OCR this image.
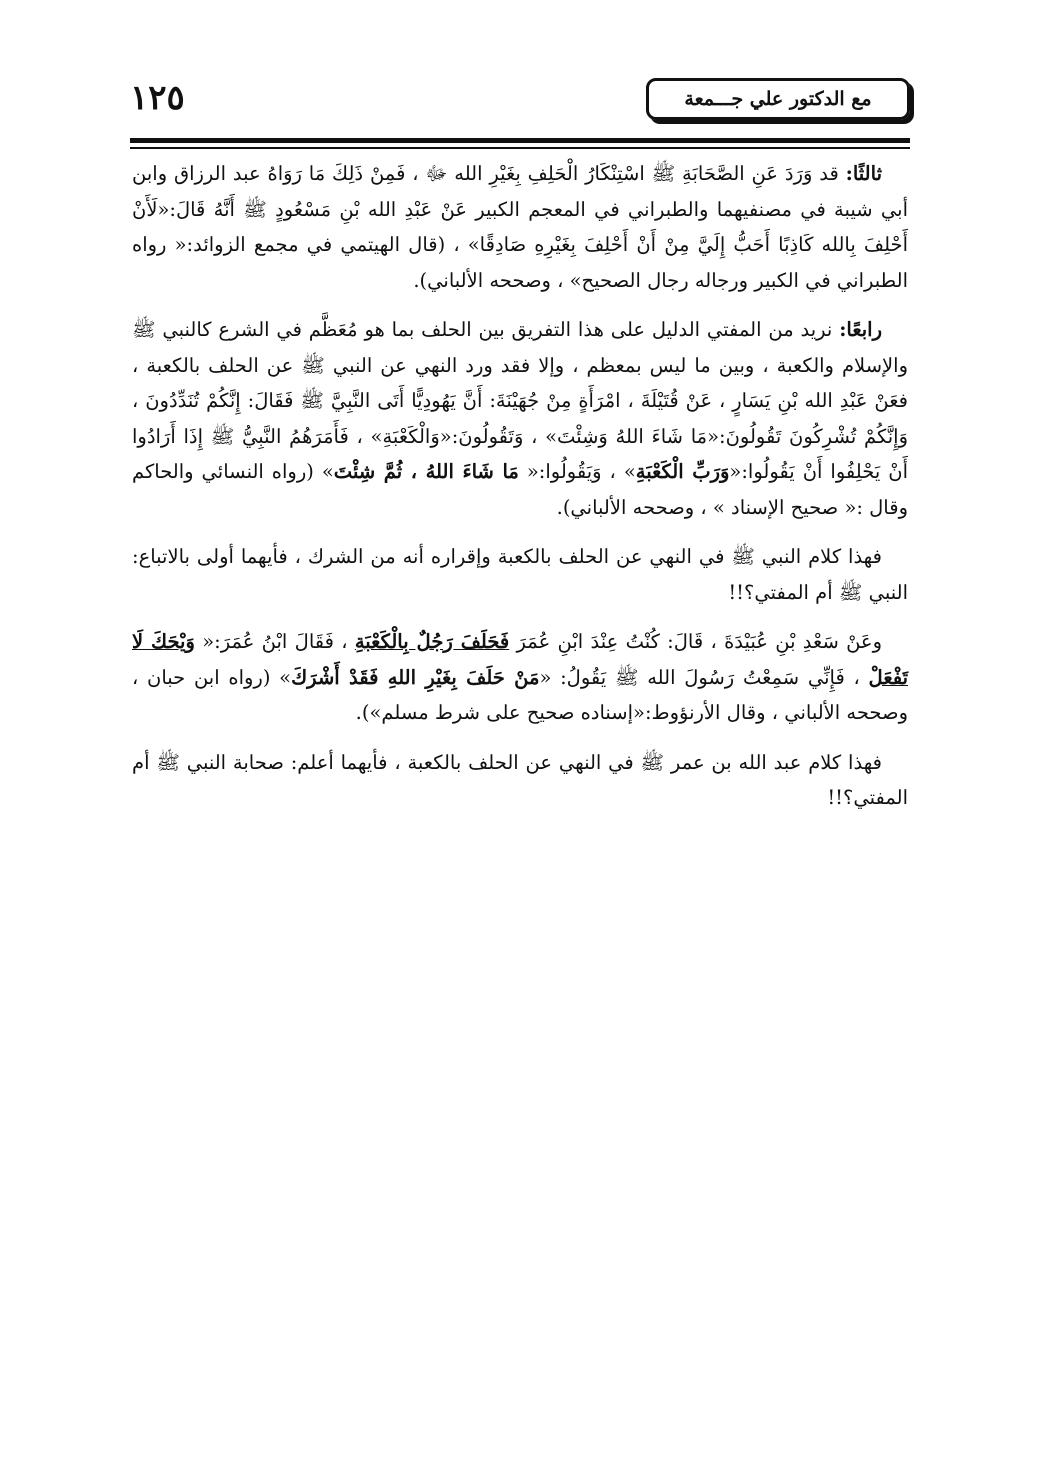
١٢٥	مع الدكتور علي جـــمعة

ثالثًا: قد وَرَدَ عَنِ الصَّحَابَةِ ﷺ اسْتِنْكَارُ الْحَلِفِ بِغَيْرِ الله ﷻ ، فَمِنْ ذَلِكَ مَا رَوَاهُ عبد الرزاق وابن أبي شيبة في مصنفيهما والطبراني في المعجم الكبير عَنْ عَبْدِ الله بْنِ مَسْعُودٍ ﷺ أَنَّهُ قَالَ:«لَأَنْ أَحْلِفَ بِالله كَاذِبًا أَحَبُّ إِلَيَّ مِنْ أَنْ أَحْلِفَ بِغَيْرِهِ صَادِقًا» ، (قال الهيتمي في مجمع الزوائد:« رواه الطبراني في الكبير ورجاله رجال الصحيح» ، وصححه الألباني).

رابعًا: نريد من المفتي الدليل على هذا التفريق بين الحلف بما هو مُعَظَّم في الشرع كالنبي ﷺ والإسلام والكعبة ، وبين ما ليس بمعظم ، وإلا فقد ورد النهي عن النبي ﷺ عن الحلف بالكعبة ، فعَنْ عَبْدِ الله بْنِ يَسَارٍ ، عَنْ قُتَيْلَةَ ، امْرَأَةٍ مِنْ جُهَيْنَةَ: أَنَّ يَهُودِيًّا أَتَى النَّبِيَّ ﷺ فَقَالَ: إِنَّكُمْ تُنَدِّدُونَ ، وَإِنَّكُمْ تُشْرِكُونَ تَقُولُونَ:«مَا شَاءَ اللهُ وَشِئْتَ» ، وَتَقُولُونَ:«وَالْكَعْبَةِ» ، فَأَمَرَهُمُ النَّبِيُّ ﷺ إِذَا أَرَادُوا أَنْ يَحْلِفُوا أَنْ يَقُولُوا:«وَرَبِّ الْكَعْبَةِ» ، وَيَقُولُوا:« مَا شَاءَ اللهُ ، ثُمَّ شِئْتَ» (رواه النسائي والحاكم وقال :« صحيح الإسناد » ، وصححه الألباني).

فهذا كلام النبي ﷺ في النهي عن الحلف بالكعبة وإقراره أنه من الشرك ، فأيهما أولى بالاتباع: النبي ﷺ أم المفتي؟!!

وعَنْ سَعْدِ بْنِ عُبَيْدَةَ ، قَالَ: كُنْتُ عِنْدَ ابْنِ عُمَرَ فَحَلَفَ رَجُلٌ بِالْكَعْبَةِ ، فَقَالَ ابْنُ عُمَرَ:« وَيْحَكَ لَا تَفْعَلْ ، فَإِنِّي سَمِعْتُ رَسُولَ الله ﷺ يَقُولُ: «مَنْ حَلَفَ بِغَيْرِ اللهِ فَقَدْ أَشْرَكَ» (رواه ابن حبان ، وصححه الألباني ، وقال الأرنؤوط:«إسناده صحيح على شرط مسلم»).

فهذا كلام عبد الله بن عمر ﷺ في النهي عن الحلف بالكعبة ، فأيهما أعلم: صحابة النبي ﷺ أم المفتي؟!!
